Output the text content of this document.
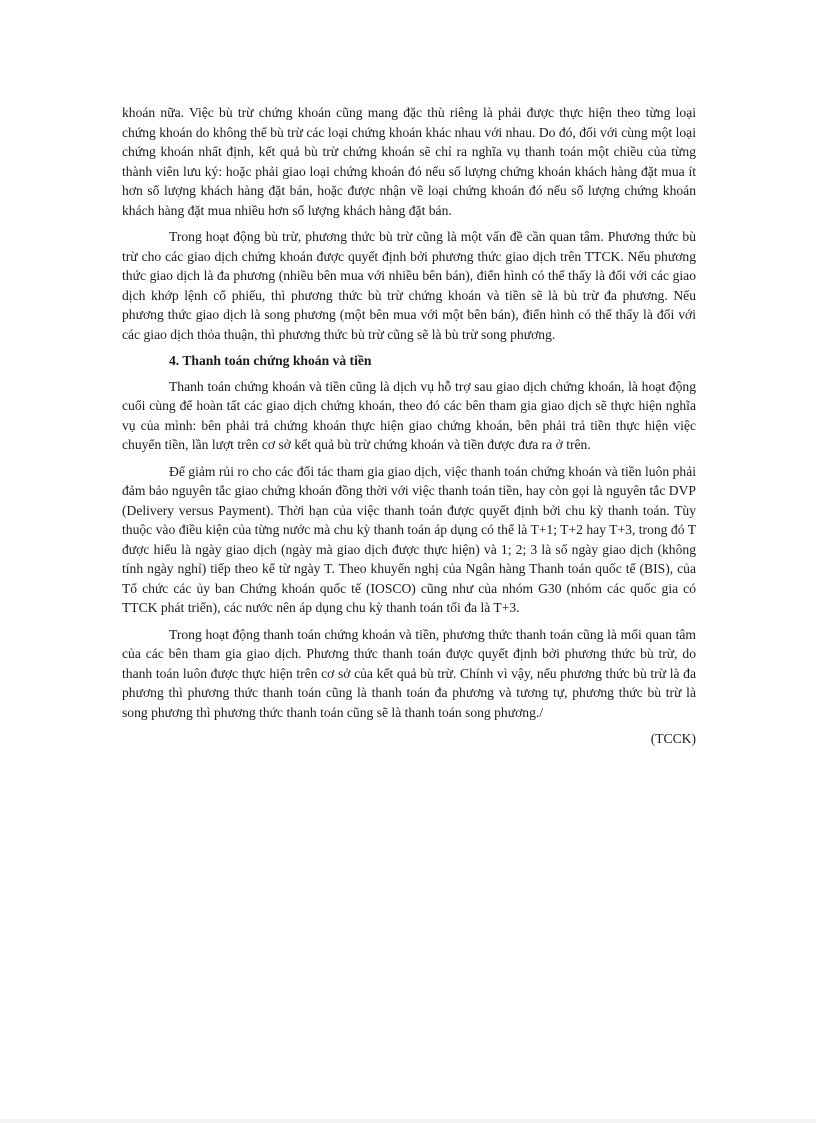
khoán nữa. Việc bù trừ chứng khoán cũng mang đặc thù riêng là phải được thực hiện theo từng loại chứng khoán do không thể bù trừ các loại chứng khoán khác nhau với nhau. Do đó, đối với cùng một loại chứng khoán nhất định, kết quả bù trừ chứng khoán sẽ chỉ ra nghĩa vụ thanh toán một chiều của từng thành viên lưu ký: hoặc phải giao loại chứng khoán đó nếu số lượng chứng khoán khách hàng đặt mua ít hơn số lượng khách hàng đặt bán, hoặc được nhận về loại chứng khoán đó nếu số lượng chứng khoán khách hàng đặt mua nhiều hơn số lượng khách hàng đặt bán.

Trong hoạt động bù trừ, phương thức bù trừ cũng là một vấn đề cần quan tâm. Phương thức bù trừ cho các giao dịch chứng khoán được quyết định bởi phương thức giao dịch trên TTCK. Nếu phương thức giao dịch là đa phương (nhiều bên mua với nhiều bên bán), điển hình có thể thấy là đối với các giao dịch khớp lệnh cổ phiếu, thì phương thức bù trừ chứng khoán và tiền sẽ là bù trừ đa phương. Nếu phương thức giao dịch là song phương (một bên mua với một bên bán), điển hình có thể thấy là đối với các giao dịch thỏa thuận, thì phương thức bù trừ cũng sẽ là bù trừ song phương.

4. Thanh toán chứng khoán và tiền

Thanh toán chứng khoán và tiền cũng là dịch vụ hỗ trợ sau giao dịch chứng khoán, là hoạt động cuối cùng để hoàn tất các giao dịch chứng khoán, theo đó các bên tham gia giao dịch sẽ thực hiện nghĩa vụ của mình: bên phải trả chứng khoán thực hiện giao chứng khoán, bên phải trả tiền thực hiện việc chuyển tiền, lần lượt trên cơ sở kết quả bù trừ chứng khoán và tiền được đưa ra ở trên.

Để giảm rủi ro cho các đối tác tham gia giao dịch, việc thanh toán chứng khoán và tiền luôn phải đảm bảo nguyên tắc giao chứng khoán đồng thời với việc thanh toán tiền, hay còn gọi là nguyên tắc DVP (Delivery versus Payment). Thời hạn của việc thanh toán được quyết định bởi chu kỳ thanh toán. Tùy thuộc vào điều kiện của từng nước mà chu kỳ thanh toán áp dụng có thể là T+1; T+2 hay T+3, trong đó T được hiểu là ngày giao dịch (ngày mà giao dịch được thực hiện) và 1; 2; 3 là số ngày giao dịch (không tính ngày nghỉ) tiếp theo kể từ ngày T. Theo khuyến nghị của Ngân hàng Thanh toán quốc tế (BIS), của Tổ chức các ủy ban Chứng khoán quốc tế (IOSCO) cũng như của nhóm G30 (nhóm các quốc gia có TTCK phát triển), các nước nên áp dụng chu kỳ thanh toán tối đa là T+3.

Trong hoạt động thanh toán chứng khoán và tiền, phương thức thanh toán cũng là mối quan tâm của các bên tham gia giao dịch. Phương thức thanh toán được quyết định bởi phương thức bù trừ, do thanh toán luôn được thực hiện trên cơ sở của kết quả bù trừ. Chính vì vậy, nếu phương thức bù trừ là đa phương thì phương thức thanh toán cũng là thanh toán đa phương và tương tự, phương thức bù trừ là song phương thì phương thức thanh toán cũng sẽ là thanh toán song phương./

(TCCK)
